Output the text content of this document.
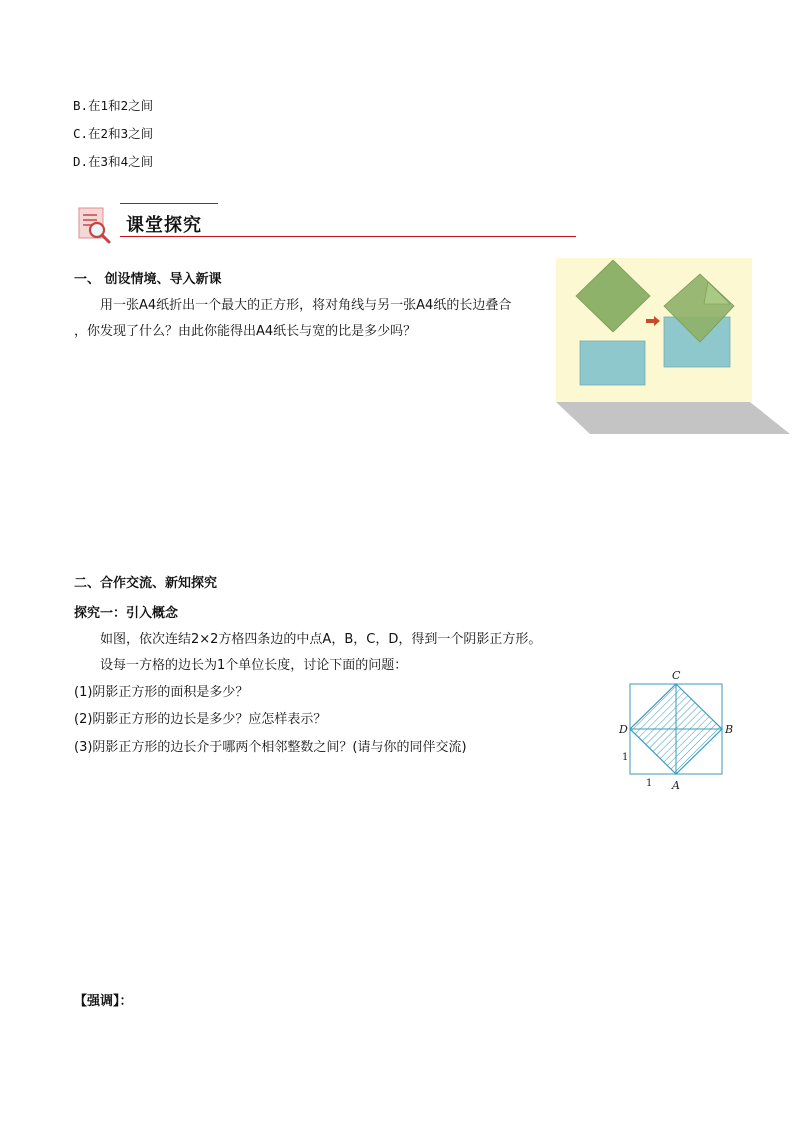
B.在1和2之间
C.在2和3之间
D.在3和4之间
课堂探究
一、 创设情境、导入新课
用一张A4纸折出一个最大的正方形，将对角线与另一张A4纸的长边叠合
，你发现了什么？由此你能得出A4纸长与宽的比是多少吗？
二、合作交流、新知探究
探究一：引入概念
如图，依次连结2×2方格四条边的中点A，B，C，D，得到一个阴影正方形。
设每一方格的边长为1个单位长度，讨论下面的问题：
(1)阴影正方形的面积是多少？
(2)阴影正方形的边长是多少？应怎样表示？
(3)阴影正方形的边长介于哪两个相邻整数之间？(请与你的同伴交流)
C
B
D
A
1
1
【强调】：
